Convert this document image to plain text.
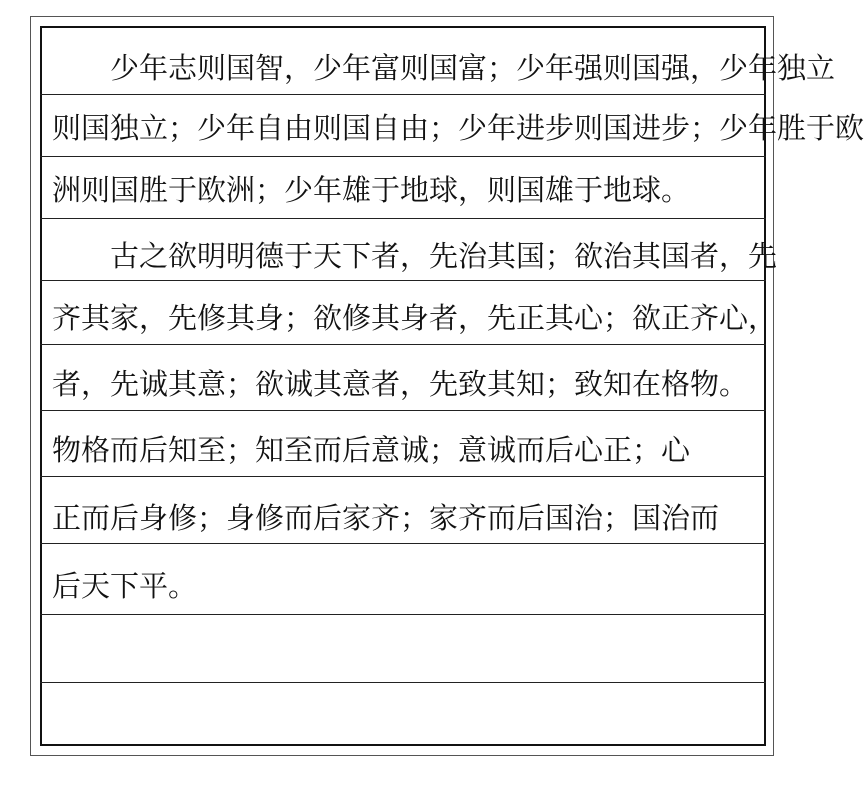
少年志则国智，少年富则国富；少年强则国强，少年独立
则国独立；少年自由则国自由；少年进步则国进步；少年胜于欧
洲则国胜于欧洲；少年雄于地球，则国雄于地球。
古之欲明明德于天下者，先治其国；欲治其国者，先
齐其家，先修其身；欲修其身者，先正其心；欲正齐心，
者，先诚其意；欲诚其意者，先致其知；致知在格物。
物格而后知至；知至而后意诚；意诚而后心正；心
正而后身修；身修而后家齐；家齐而后国治；国治而
后天下平。
